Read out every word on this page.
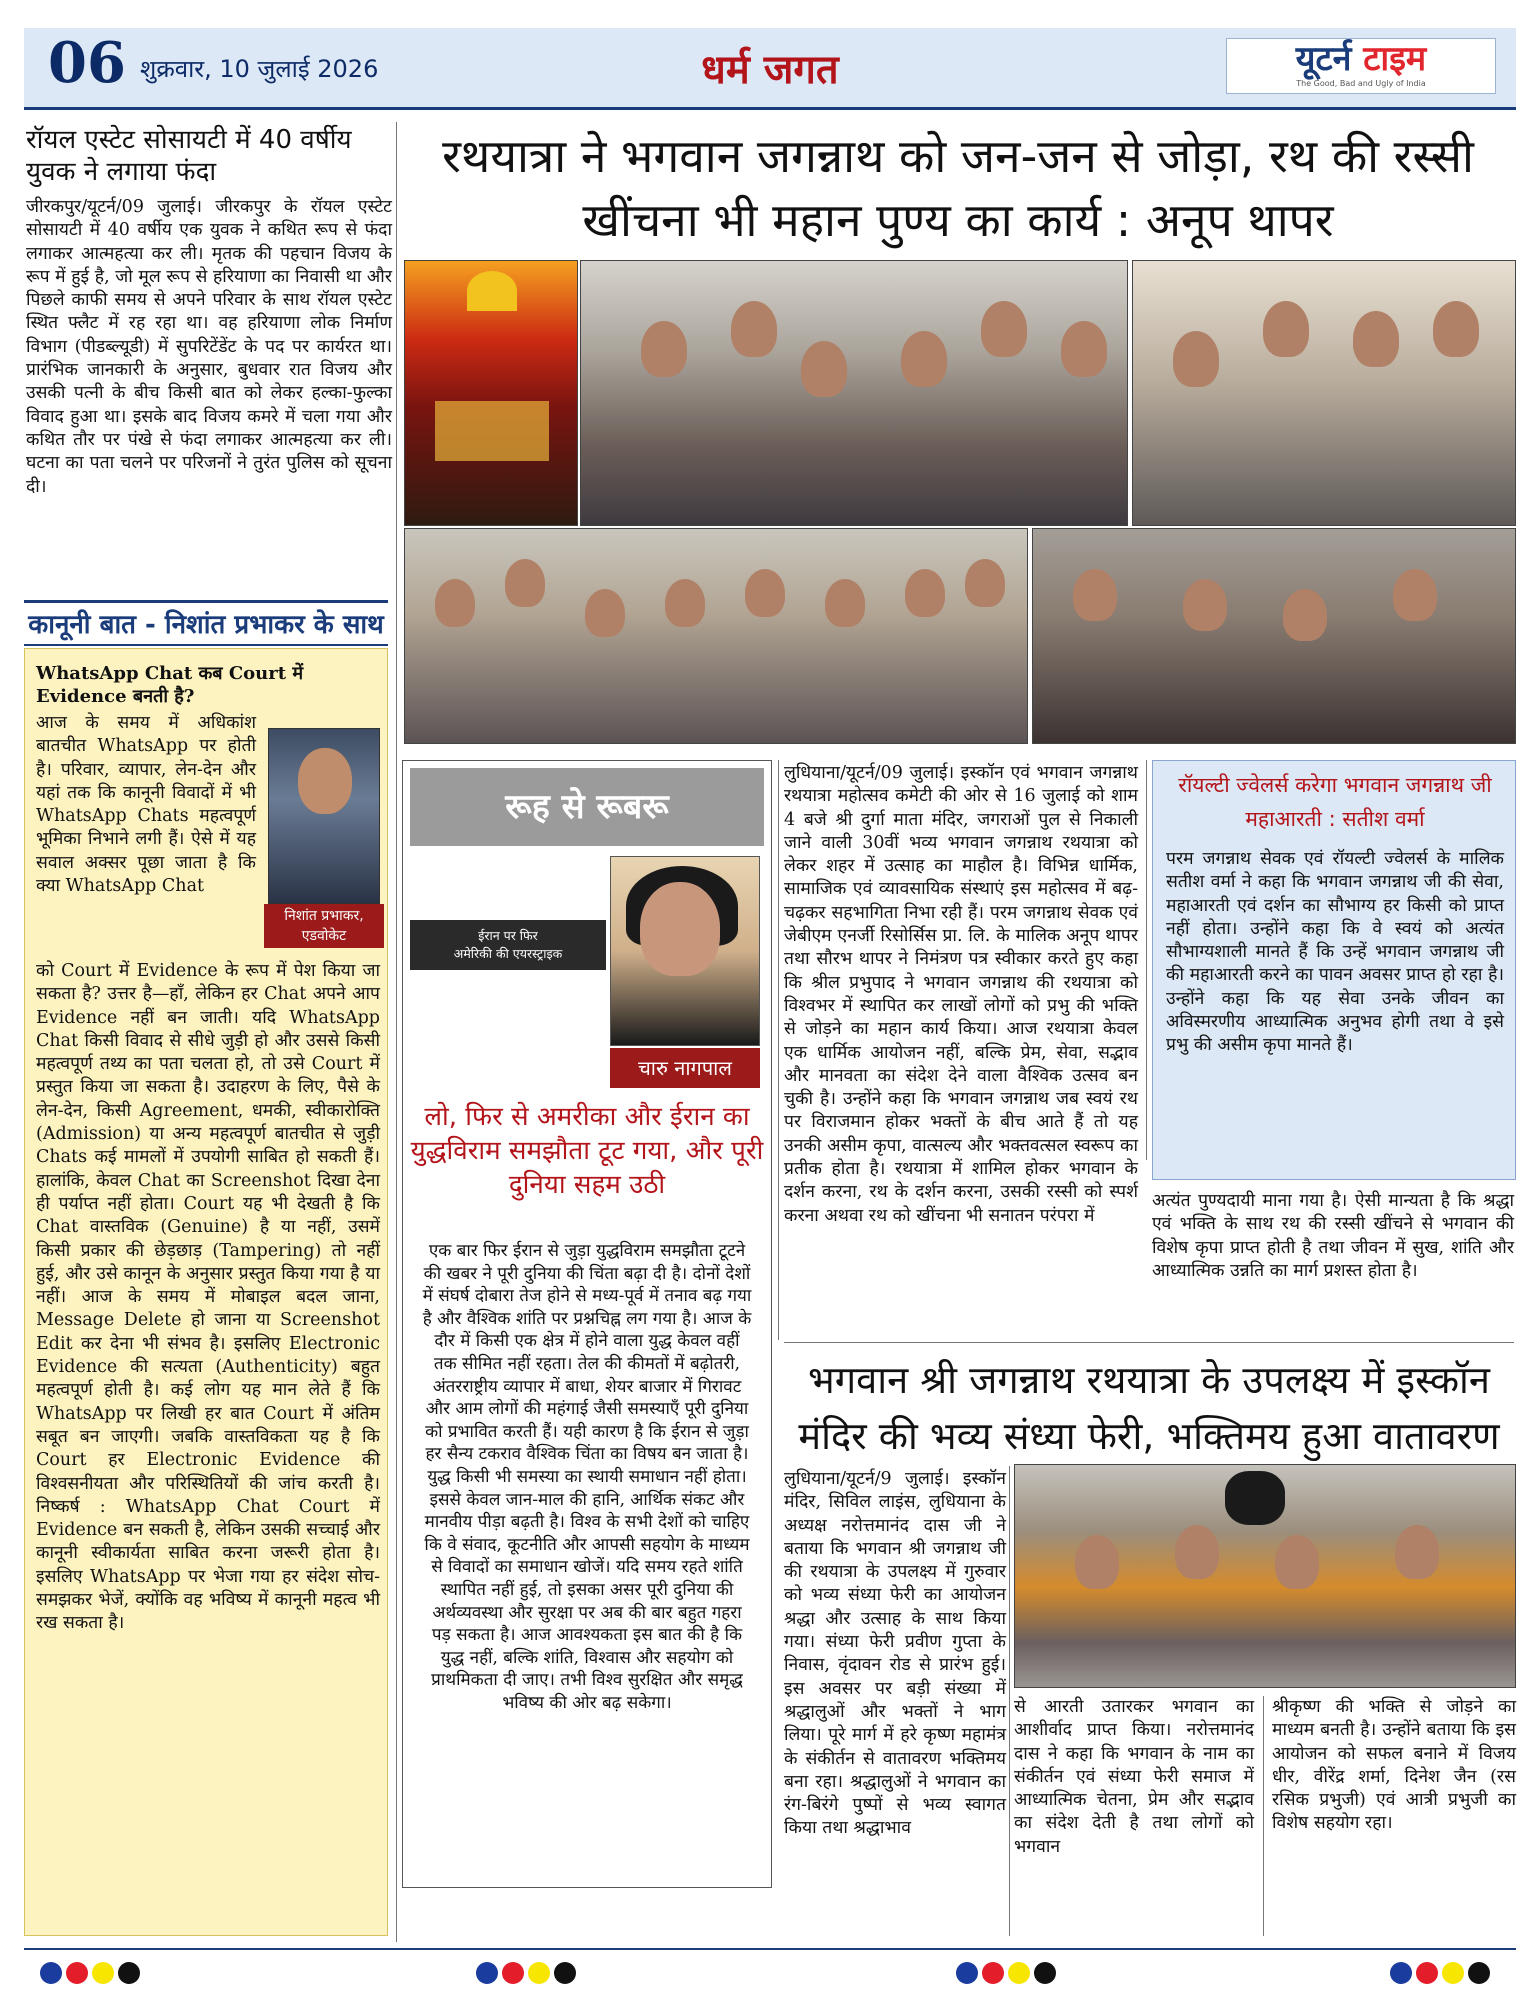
06 शुक्रवार, 10 जुलाई 2026	धर्म जगत	यूटर्न टाइम
The Good, Bad and Ugly of India
रॉयल एस्टेट सोसायटी में 40 वर्षीय युवक ने लगाया फंदा
जीरकपुर/यूटर्न/09 जुलाई। जीरकपुर के रॉयल एस्टेट सोसायटी में 40 वर्षीय एक युवक ने कथित रूप से फंदा लगाकर आत्महत्या कर ली। मृतक की पहचान विजय के रूप में हुई है, जो मूल रूप से हरियाणा का निवासी था और पिछले काफी समय से अपने परिवार के साथ रॉयल एस्टेट स्थित फ्लैट में रह रहा था। वह हरियाणा लोक निर्माण विभाग (पीडब्ल्यूडी) में सुपरिटेंडेंट के पद पर कार्यरत था। प्रारंभिक जानकारी के अनुसार, बुधवार रात विजय और उसकी पत्नी के बीच किसी बात को लेकर हल्का-फुल्का विवाद हुआ था। इसके बाद विजय कमरे में चला गया और कथित तौर पर पंखे से फंदा लगाकर आत्महत्या कर ली। घटना का पता चलने पर परिजनों ने तुरंत पुलिस को सूचना दी।
कानूनी बात - निशांत प्रभाकर के साथ
WhatsApp Chat कब Court में Evidence बनती है?
आज के समय में अधिकांश बातचीत WhatsApp पर होती है। परिवार, व्यापार, लेन-देन और यहां तक कि कानूनी विवादों में भी WhatsApp Chats महत्वपूर्ण भूमिका निभाने लगी हैं। ऐसे में यह सवाल अक्सर पूछा जाता है कि क्या WhatsApp Chat
निशांत प्रभाकर, एडवोकेट
को Court में Evidence के रूप में पेश किया जा सकता है? उत्तर है—हाँ, लेकिन हर Chat अपने आप Evidence नहीं बन जाती। यदि WhatsApp Chat किसी विवाद से सीधे जुड़ी हो और उससे किसी महत्वपूर्ण तथ्य का पता चलता हो, तो उसे Court में प्रस्तुत किया जा सकता है। उदाहरण के लिए, पैसे के लेन-देन, किसी Agreement, धमकी, स्वीकारोक्ति (Admission) या अन्य महत्वपूर्ण बातचीत से जुड़ी Chats कई मामलों में उपयोगी साबित हो सकती हैं। हालांकि, केवल Chat का Screenshot दिखा देना ही पर्याप्त नहीं होता। Court यह भी देखती है कि Chat वास्तविक (Genuine) है या नहीं, उसमें किसी प्रकार की छेड़छाड़ (Tampering) तो नहीं हुई, और उसे कानून के अनुसार प्रस्तुत किया गया है या नहीं। आज के समय में मोबाइल बदल जाना, Message Delete हो जाना या Screenshot Edit कर देना भी संभव है। इसलिए Electronic Evidence की सत्यता (Authenticity) बहुत महत्वपूर्ण होती है। कई लोग यह मान लेते हैं कि WhatsApp पर लिखी हर बात Court में अंतिम सबूत बन जाएगी। जबकि वास्तविकता यह है कि Court हर Electronic Evidence की विश्वसनीयता और परिस्थितियों की जांच करती है। निष्कर्ष : WhatsApp Chat Court में Evidence बन सकती है, लेकिन उसकी सच्चाई और कानूनी स्वीकार्यता साबित करना जरूरी होता है। इसलिए WhatsApp पर भेजा गया हर संदेश सोच-समझकर भेजें, क्योंकि वह भविष्य में कानूनी महत्व भी रख सकता है।
रथयात्रा ने भगवान जगन्नाथ को जन-जन से जोड़ा, रथ की रस्सी खींचना भी महान पुण्य का कार्य : अनूप थापर
रूह से रूबरू
ईरान पर फिर
अमेरिकी की एयरस्ट्राइक
चारु नागपाल
लो, फिर से अमरीका और ईरान का युद्धविराम समझौता टूट गया, और पूरी दुनिया सहम उठी
एक बार फिर ईरान से जुड़ा युद्धविराम समझौता टूटने की खबर ने पूरी दुनिया की चिंता बढ़ा दी है। दोनों देशों में संघर्ष दोबारा तेज होने से मध्य-पूर्व में तनाव बढ़ गया है और वैश्विक शांति पर प्रश्नचिह्न लग गया है। आज के दौर में किसी एक क्षेत्र में होने वाला युद्ध केवल वहीं तक सीमित नहीं रहता। तेल की कीमतों में बढ़ोतरी, अंतरराष्ट्रीय व्यापार में बाधा, शेयर बाजार में गिरावट और आम लोगों की महंगाई जैसी समस्याएँ पूरी दुनिया को प्रभावित करती हैं। यही कारण है कि ईरान से जुड़ा हर सैन्य टकराव वैश्विक चिंता का विषय बन जाता है। युद्ध किसी भी समस्या का स्थायी समाधान नहीं होता। इससे केवल जान-माल की हानि, आर्थिक संकट और मानवीय पीड़ा बढ़ती है। विश्व के सभी देशों को चाहिए कि वे संवाद, कूटनीति और आपसी सहयोग के माध्यम से विवादों का समाधान खोजें। यदि समय रहते शांति स्थापित नहीं हुई, तो इसका असर पूरी दुनिया की अर्थव्यवस्था और सुरक्षा पर अब की बार बहुत गहरा पड़ सकता है। आज आवश्यकता इस बात की है कि युद्ध नहीं, बल्कि शांति, विश्वास और सहयोग को प्राथमिकता दी जाए। तभी विश्व सुरक्षित और समृद्ध भविष्य की ओर बढ़ सकेगा।
लुधियाना/यूटर्न/09 जुलाई। इस्कॉन एवं भगवान जगन्नाथ रथयात्रा महोत्सव कमेटी की ओर से 16 जुलाई को शाम 4 बजे श्री दुर्गा माता मंदिर, जगराओं पुल से निकाली जाने वाली 30वीं भव्य भगवान जगन्नाथ रथयात्रा को लेकर शहर में उत्साह का माहौल है। विभिन्न धार्मिक, सामाजिक एवं व्यावसायिक संस्थाएं इस महोत्सव में बढ़-चढ़कर सहभागिता निभा रही हैं। परम जगन्नाथ सेवक एवं जेबीएम एनर्जी रिसोर्सिस प्रा. लि. के मालिक अनूप थापर तथा सौरभ थापर ने निमंत्रण पत्र स्वीकार करते हुए कहा कि श्रील प्रभुपाद ने भगवान जगन्नाथ की रथयात्रा को विश्वभर में स्थापित कर लाखों लोगों को प्रभु की भक्ति से जोड़ने का महान कार्य किया। आज रथयात्रा केवल एक धार्मिक आयोजन नहीं, बल्कि प्रेम, सेवा, सद्भाव और मानवता का संदेश देने वाला वैश्विक उत्सव बन चुकी है। उन्होंने कहा कि भगवान जगन्नाथ जब स्वयं रथ पर विराजमान होकर भक्तों के बीच आते हैं तो यह उनकी असीम कृपा, वात्सल्य और भक्तवत्सल स्वरूप का प्रतीक होता है। रथयात्रा में शामिल होकर भगवान के दर्शन करना, रथ के दर्शन करना, उसकी रस्सी को स्पर्श करना अथवा रथ को खींचना भी सनातन परंपरा में
रॉयल्टी ज्वेलर्स करेगा भगवान जगन्नाथ जी महाआरती : सतीश वर्मा
परम जगन्नाथ सेवक एवं रॉयल्टी ज्वेलर्स के मालिक सतीश वर्मा ने कहा कि भगवान जगन्नाथ जी की सेवा, महाआरती एवं दर्शन का सौभाग्य हर किसी को प्राप्त नहीं होता। उन्होंने कहा कि वे स्वयं को अत्यंत सौभाग्यशाली मानते हैं कि उन्हें भगवान जगन्नाथ जी की महाआरती करने का पावन अवसर प्राप्त हो रहा है। उन्होंने कहा कि यह सेवा उनके जीवन का अविस्मरणीय आध्यात्मिक अनुभव होगी तथा वे इसे प्रभु की असीम कृपा मानते हैं।
अत्यंत पुण्यदायी माना गया है। ऐसी मान्यता है कि श्रद्धा एवं भक्ति के साथ रथ की रस्सी खींचने से भगवान की विशेष कृपा प्राप्त होती है तथा जीवन में सुख, शांति और आध्यात्मिक उन्नति का मार्ग प्रशस्त होता है।
भगवान श्री जगन्नाथ रथयात्रा के उपलक्ष्य में इस्कॉन मंदिर की भव्य संध्या फेरी, भक्तिमय हुआ वातावरण
लुधियाना/यूटर्न/9 जुलाई। इस्कॉन मंदिर, सिविल लाइंस, लुधियाना के अध्यक्ष नरोत्तमानंद दास जी ने बताया कि भगवान श्री जगन्नाथ जी की रथयात्रा के उपलक्ष्य में गुरुवार को भव्य संध्या फेरी का आयोजन श्रद्धा और उत्साह के साथ किया गया। संध्या फेरी प्रवीण गुप्ता के निवास, वृंदावन रोड से प्रारंभ हुई। इस अवसर पर बड़ी संख्या में श्रद्धालुओं और भक्तों ने भाग लिया। पूरे मार्ग में हरे कृष्ण महामंत्र के संकीर्तन से वातावरण भक्तिमय बना रहा। श्रद्धालुओं ने भगवान का रंग-बिरंगे पुष्पों से भव्य स्वागत किया तथा श्रद्धाभाव
से आरती उतारकर भगवान का आशीर्वाद प्राप्त किया। नरोत्तमानंद दास ने कहा कि भगवान के नाम का संकीर्तन एवं संध्या फेरी समाज में आध्यात्मिक चेतना, प्रेम और सद्भाव का संदेश देती है तथा लोगों को भगवान
श्रीकृष्ण की भक्ति से जोड़ने का माध्यम बनती है। उन्होंने बताया कि इस आयोजन को सफल बनाने में विजय धीर, वीरेंद्र शर्मा, दिनेश जैन (रस रसिक प्रभुजी) एवं आत्री प्रभुजी का विशेष सहयोग रहा।
